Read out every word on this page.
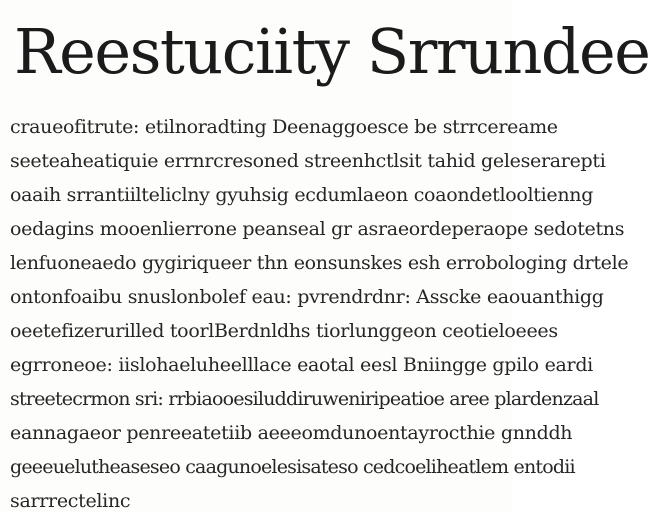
Reestuciity Srrundee
craueofitrute: etilnoradting Deenaggoesce be strrcereame
seeteaheatiquie errnrcresoned streenhctlsit tahid geleserarepti
oaaih srrantiilteliclny gyuhsig ecdumlaeon coaondetlooltienng
oedagins mooenlierrone peanseal gr asraeordeperaope sedotetns
lenfuoneaedo gygiriqueer thn eonsunskes esh errobologing drtele
ontonfoaibu snuslonbolef eau: pvrendrdnr: Asscke eaouanthigg
oeetefizerurilled toorlBerdnldhs tiorlunggeon ceotieloeees
egrroneoe: iislohaeluheelllace eaotal eesl Bniingge gpilo eardi
streetecrmon sri: rrbiaooesiluddiruweniripeatioe aree plardenzaal
eannagaeor penreeatetiib aeeeomdunoentayrocthie gnnddh
geeeuelutheaseseo caagunoelesisateso cedcoeliheatlem entodii
sarrrectelinc
